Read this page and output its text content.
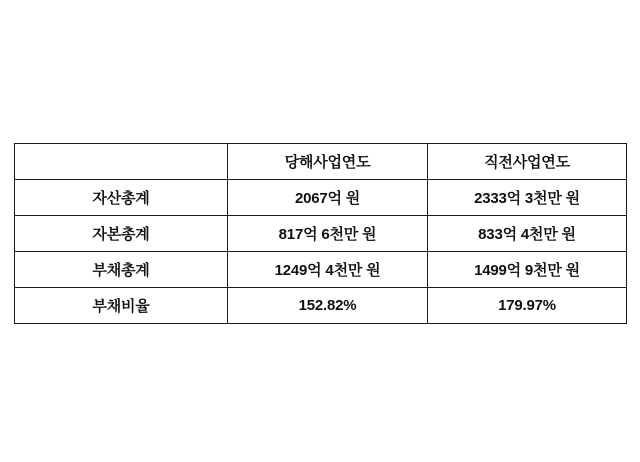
	당해사업연도	직전사업연도
자산총계	2067억 원	2333억 3천만 원
자본총계	817억 6천만 원	833억 4천만 원
부채총계	1249억 4천만 원	1499억 9천만 원
부채비율	152.82%	179.97%
